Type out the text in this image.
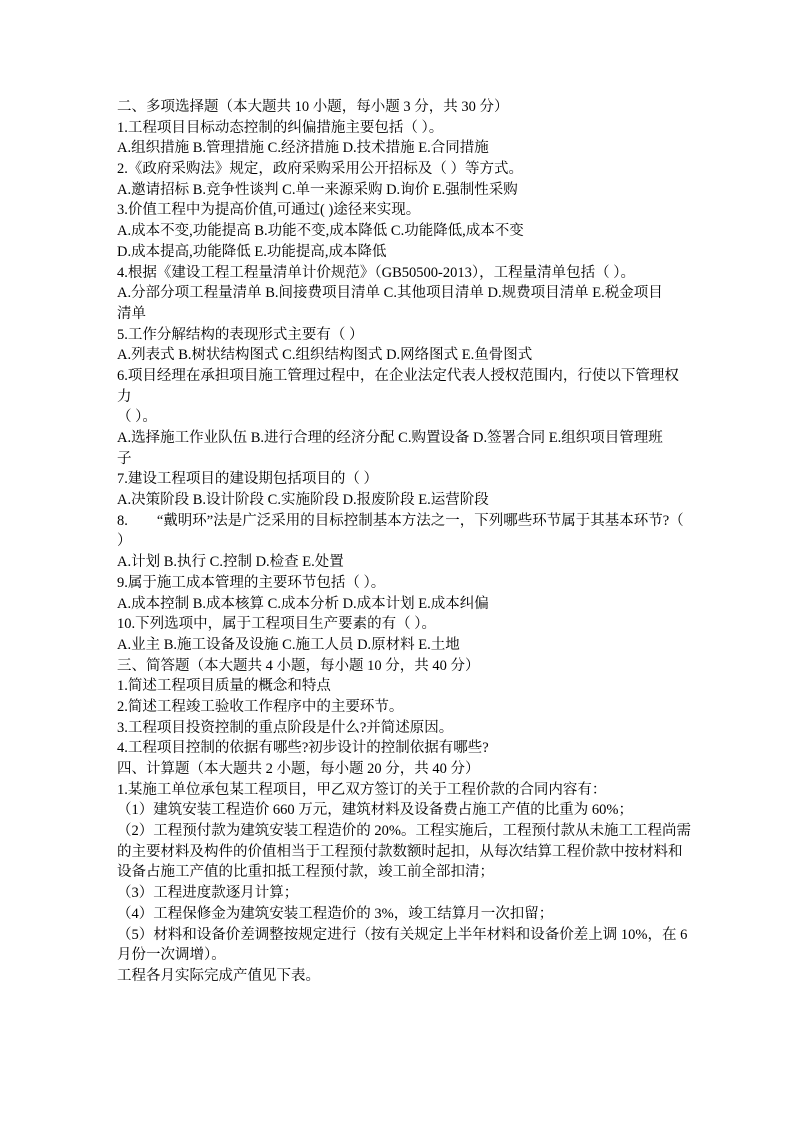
二、多项选择题（本大题共 10 小题，每小题 3 分，共 30 分）
1.工程项目目标动态控制的纠偏措施主要包括（ ）。
A.组织措施 B.管理措施 C.经济措施 D.技术措施 E.合同措施
2.《政府采购法》规定，政府采购采用公开招标及（ ）等方式。
A.邀请招标 B.竞争性谈判 C.单一来源采购 D.询价 E.强制性采购
3.价值工程中为提高价值,可通过( )途径来实现。
A.成本不变,功能提高 B.功能不变,成本降低 C.功能降低,成本不变
D.成本提高,功能降低 E.功能提高,成本降低
4.根据《建设工程工程量清单计价规范》（GB50500-2013），工程量清单包括（ ）。
A.分部分项工程量清单 B.间接费项目清单 C.其他项目清单 D.规费项目清单 E.税金项目
清单
5.工作分解结构的表现形式主要有（ ）
A.列表式 B.树状结构图式 C.组织结构图式 D.网络图式 E.鱼骨图式
6.项目经理在承担项目施工管理过程中，在企业法定代表人授权范围内，行使以下管理权
力
（ ）。
A.选择施工作业队伍 B.进行合理的经济分配 C.购置设备 D.签署合同 E.组织项目管理班
子
7.建设工程项目的建设期包括项目的（ ）
A.决策阶段 B.设计阶段 C.实施阶段 D.报废阶段 E.运营阶段
8.　　“戴明环”法是广泛采用的目标控制基本方法之一，下列哪些环节属于其基本环节?（
）
A.计划 B.执行 C.控制 D.检查 E.处置
9.属于施工成本管理的主要环节包括（ ）。
A.成本控制 B.成本核算 C.成本分析 D.成本计划 E.成本纠偏
10.下列选项中，属于工程项目生产要素的有（ ）。
A.业主 B.施工设备及设施 C.施工人员 D.原材料 E.土地
三、简答题（本大题共 4 小题，每小题 10 分，共 40 分）
1.简述工程项目质量的概念和特点
2.简述工程竣工验收工作程序中的主要环节。
3.工程项目投资控制的重点阶段是什么?并简述原因。
4.工程项目控制的依据有哪些?初步设计的控制依据有哪些?
四、计算题（本大题共 2 小题，每小题 20 分，共 40 分）
1.某施工单位承包某工程项目，甲乙双方签订的关于工程价款的合同内容有：
（1）建筑安装工程造价 660 万元，建筑材料及设备费占施工产值的比重为 60%；
（2）工程预付款为建筑安装工程造价的 20%。工程实施后，工程预付款从未施工工程尚需
的主要材料及构件的价值相当于工程预付款数额时起扣，从每次结算工程价款中按材料和
设备占施工产值的比重扣抵工程预付款，竣工前全部扣清；
（3）工程进度款逐月计算；
（4）工程保修金为建筑安装工程造价的 3%，竣工结算月一次扣留；
（5）材料和设备价差调整按规定进行（按有关规定上半年材料和设备价差上调 10%，在 6
月份一次调增）。
工程各月实际完成产值见下表。
